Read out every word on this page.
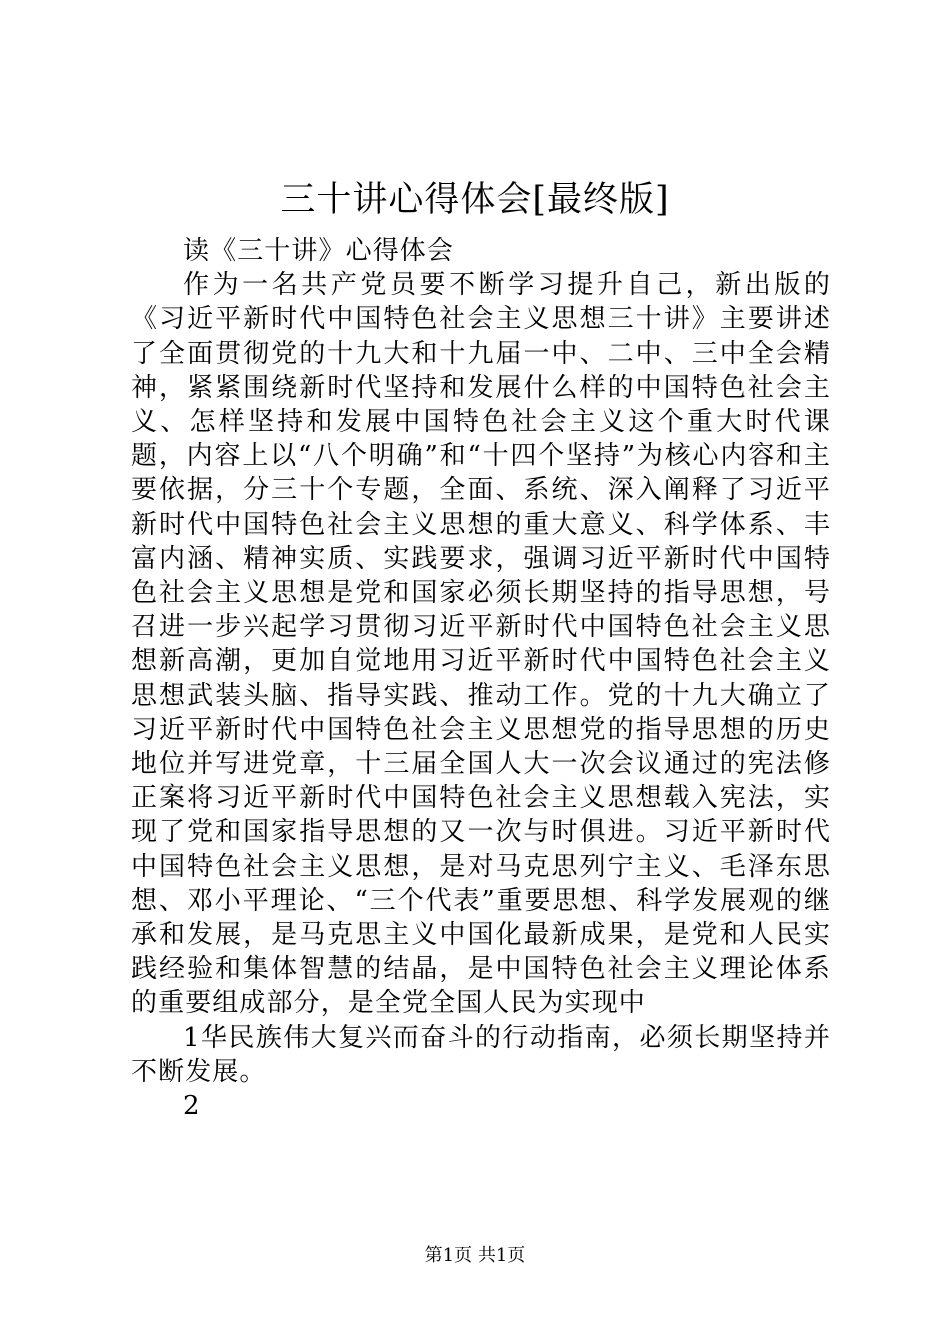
三十讲心得体会[最终版]

读《三十讲》心得体会

作为一名共产党员要不断学习提升自己，新出版的《习近平新时代中国特色社会主义思想三十讲》主要讲述了全面贯彻党的十九大和十九届一中、二中、三中全会精神，紧紧围绕新时代坚持和发展什么样的中国特色社会主义、怎样坚持和发展中国特色社会主义这个重大时代课题，内容上以“八个明确”和“十四个坚持”为核心内容和主要依据，分三十个专题，全面、系统、深入阐释了习近平新时代中国特色社会主义思想的重大意义、科学体系、丰富内涵、精神实质、实践要求，强调习近平新时代中国特色社会主义思想是党和国家必须长期坚持的指导思想，号召进一步兴起学习贯彻习近平新时代中国特色社会主义思想新高潮，更加自觉地用习近平新时代中国特色社会主义思想武装头脑、指导实践、推动工作。党的十九大确立了习近平新时代中国特色社会主义思想党的指导思想的历史地位并写进党章，十三届全国人大一次会议通过的宪法修正案将习近平新时代中国特色社会主义思想载入宪法，实现了党和国家指导思想的又一次与时俱进。习近平新时代中国特色社会主义思想，是对马克思列宁主义、毛泽东思想、邓小平理论、“三个代表”重要思想、科学发展观的继承和发展，是马克思主义中国化最新成果，是党和人民实践经验和集体智慧的结晶，是中国特色社会主义理论体系的重要组成部分，是全党全国人民为实现中

1华民族伟大复兴而奋斗的行动指南，必须长期坚持并不断发展。

2

第1页 共1页
